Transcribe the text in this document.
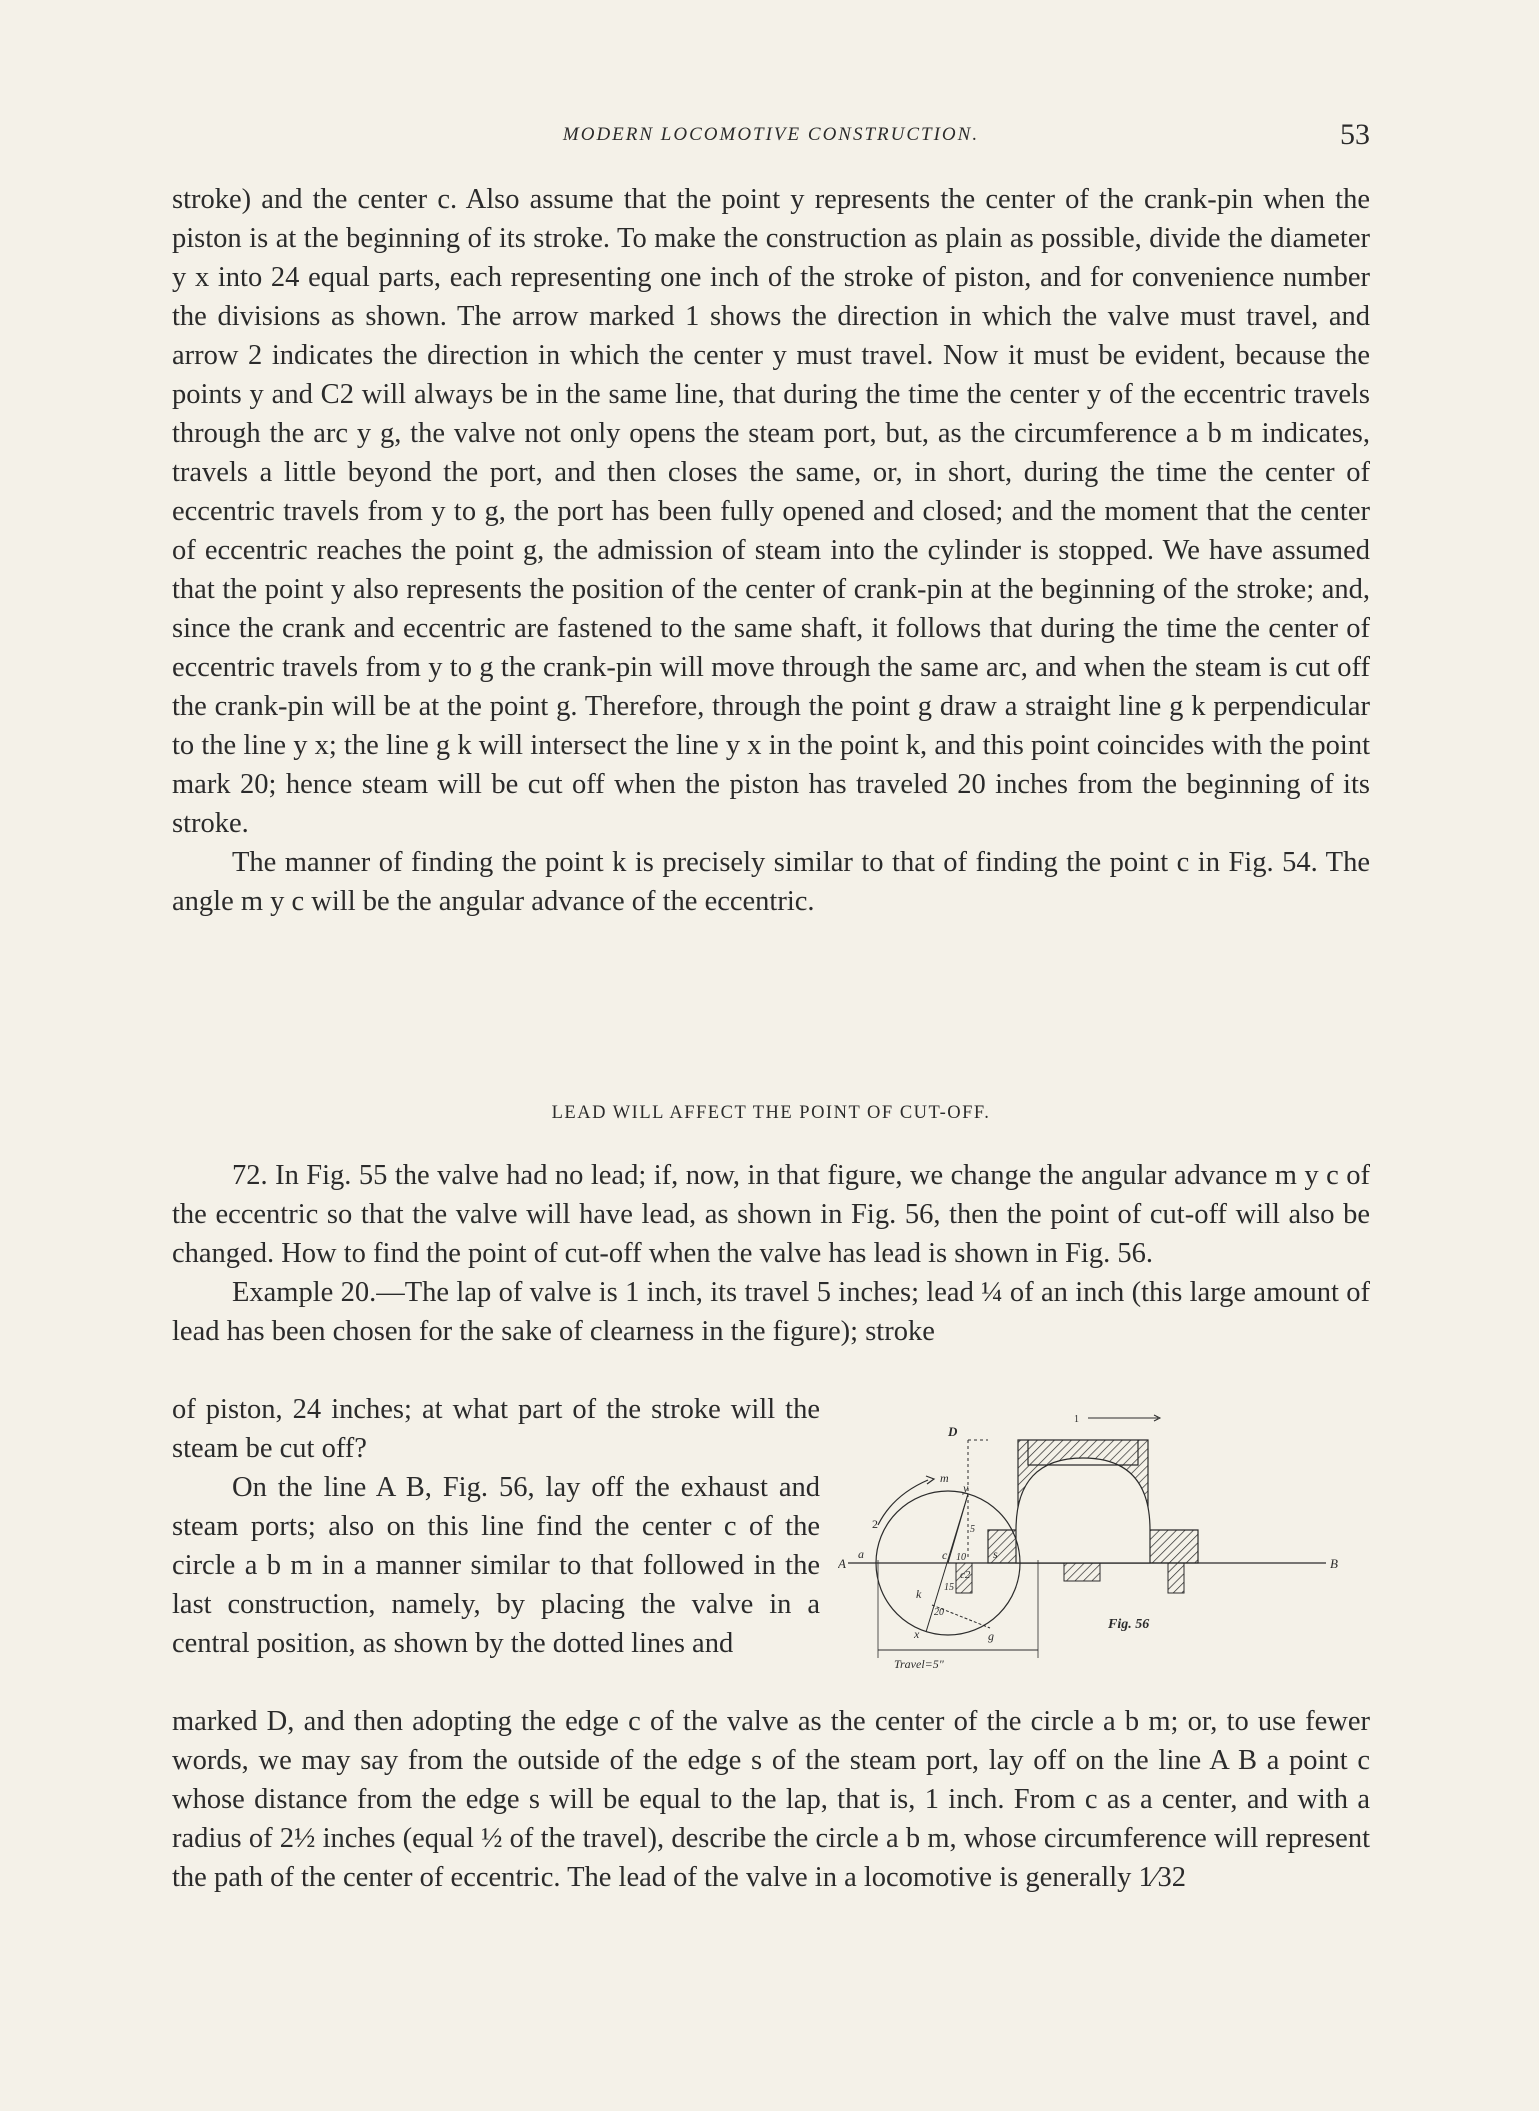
MODERN LOCOMOTIVE CONSTRUCTION.	53

stroke) and the center c. Also assume that the point y represents the center of the crank-pin when the piston is at the beginning of its stroke. To make the construction as plain as possible, divide the diameter y x into 24 equal parts, each representing one inch of the stroke of piston, and for convenience number the divisions as shown. The arrow marked 1 shows the direction in which the valve must travel, and arrow 2 indicates the direction in which the center y must travel. Now it must be evident, because the points y and C2 will always be in the same line, that during the time the center y of the eccentric travels through the arc y g, the valve not only opens the steam port, but, as the circumference a b m indicates, travels a little beyond the port, and then closes the same, or, in short, during the time the center of eccentric travels from y to g, the port has been fully opened and closed; and the moment that the center of eccentric reaches the point g, the admission of steam into the cylinder is stopped. We have assumed that the point y also represents the position of the center of crank-pin at the beginning of the stroke; and, since the crank and eccentric are fastened to the same shaft, it follows that during the time the center of eccentric travels from y to g the crank-pin will move through the same arc, and when the steam is cut off the crank-pin will be at the point g. Therefore, through the point g draw a straight line g k perpendicular to the line y x; the line g k will intersect the line y x in the point k, and this point coincides with the point mark 20; hence steam will be cut off when the piston has traveled 20 inches from the beginning of its stroke.

The manner of finding the point k is precisely similar to that of finding the point c in Fig. 54. The angle m y c will be the angular advance of the eccentric.

LEAD WILL AFFECT THE POINT OF CUT-OFF.

72. In Fig. 55 the valve had no lead; if, now, in that figure, we change the angular advance m y c of the eccentric so that the valve will have lead, as shown in Fig. 56, then the point of cut-off will also be changed. How to find the point of cut-off when the valve has lead is shown in Fig. 56.

Example 20.—The lap of valve is 1 inch, its travel 5 inches; lead ¼ of an inch (this large amount of lead has been chosen for the sake of clearness in the figure); stroke

of piston, 24 inches; at what part of the stroke will the steam be cut off?

On the line A B, Fig. 56, lay off the exhaust and steam ports; also on this line find the center c of the circle a b m in a manner similar to that followed in the last construction, namely, by placing the valve in a central position, as shown by the dotted lines and

marked D, and then adopting the edge c of the valve as the center of the circle a b m; or, to use fewer words, we may say from the outside of the edge s of the steam port, lay off on the line A B a point c whose distance from the edge s will be equal to the lap, that is, 1 inch. From c as a center, and with a radius of 2½ inches (equal ½ of the travel), describe the circle a b m, whose circumference will represent the path of the center of eccentric. The lead of the valve in a locomotive is generally 1⁄32

A	B
D
a
m
y
c
c2
s
2
1
5
10
15
20
k
x	g
Travel=5"
Fig. 56
